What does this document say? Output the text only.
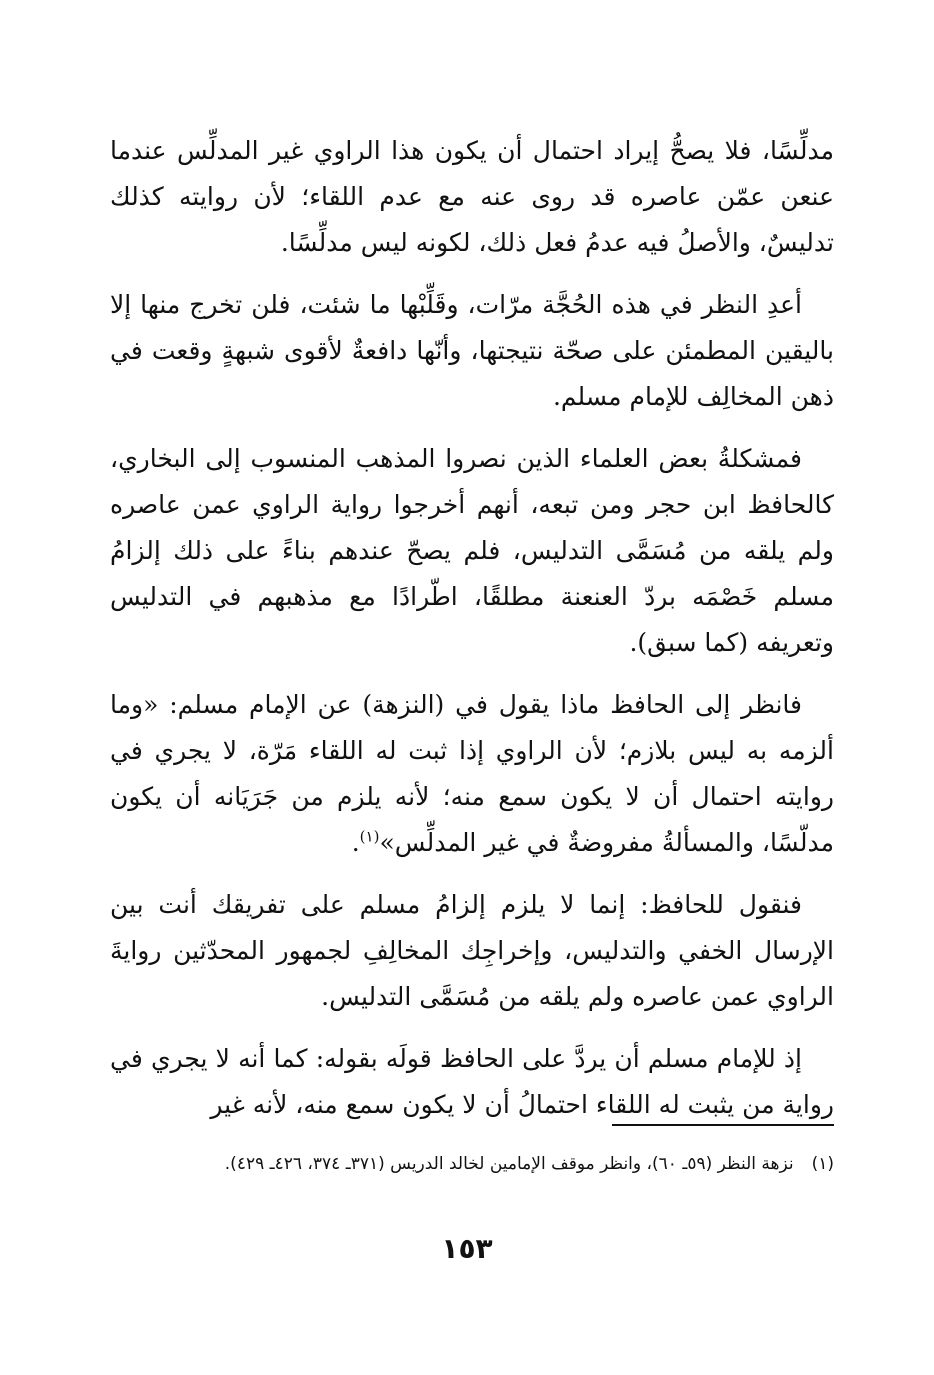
مدلِّسًا، فلا يصحُّ إيراد احتمال أن يكون هذا الراوي غير المدلِّس عندما عنعن عمّن عاصره قد روى عنه مع عدم اللقاء؛ لأن روايته كذلك تدليسٌ، والأصلُ فيه عدمُ فعل ذلك، لكونه ليس مدلِّسًا.

أعدِ النظر في هذه الحُجَّة مرّات، وقَلِّبْها ما شئت، فلن تخرج منها إلا باليقين المطمئن على صحّة نتيجتها، وأنّها دافعةٌ لأقوى شبهةٍ وقعت في ذهن المخالِف للإمام مسلم.

فمشكلةُ بعض العلماء الذين نصروا المذهب المنسوب إلى البخاري، كالحافظ ابن حجر ومن تبعه، أنهم أخرجوا رواية الراوي عمن عاصره ولم يلقه من مُسَمَّى التدليس، فلم يصحّ عندهم بناءً على ذلك إلزامُ مسلم خَصْمَه بردّ العنعنة مطلقًا، اطّرادًا مع مذهبهم في التدليس وتعريفه (كما سبق).

فانظر إلى الحافظ ماذا يقول في (النزهة) عن الإمام مسلم: «وما ألزمه به ليس بلازم؛ لأن الراوي إذا ثبت له اللقاء مَرّة، لا يجري في روايته احتمال أن لا يكون سمع منه؛ لأنه يلزم من جَرَيَانه أن يكون مدلّسًا، والمسألةُ مفروضةٌ في غير المدلِّس»$^{(١)}$.

فنقول للحافظ: إنما لا يلزم إلزامُ مسلم على تفريقك أنت بين الإرسال الخفي والتدليس، وإخراجِك المخالِفِ لجمهور المحدّثين روايةَ الراوي عمن عاصره ولم يلقه من مُسَمَّى التدليس.

إذ للإمام مسلم أن يردَّ على الحافظ قولَه بقوله: كما أنه لا يجري في رواية من يثبت له اللقاء احتمالُ أن لا يكون سمع منه، لأنه غير

(١)نزهة النظر (٥٩ـ ٦٠)، وانظر موقف الإمامين لخالد الدريس (٣٧١ـ ٣٧٤، ٤٢٦ـ ٤٢٩).
١٥٣
